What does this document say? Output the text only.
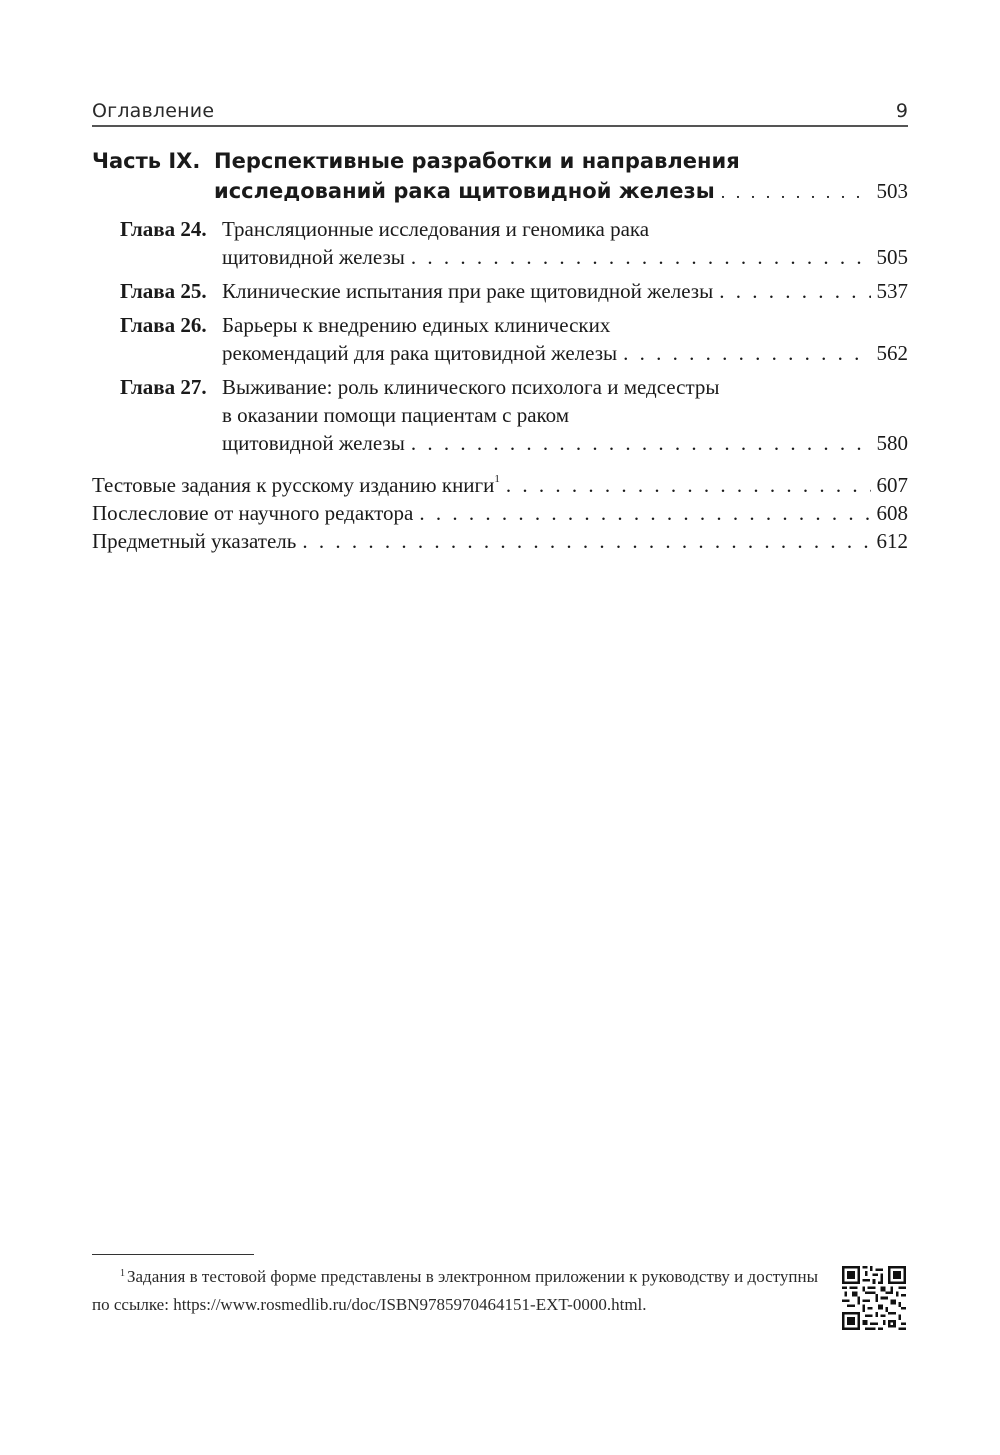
Оглавление	9
Часть IX. Перспективные разработки и направления
исследований рака щитовидной железы . . .	503
Глава 24. Трансляционные исследования и геномика рака
щитовидной железы . . .	505
Глава 25. Клинические испытания при раке щитовидной железы . . .	537
Глава 26. Барьеры к внедрению единых клинических
рекомендаций для рака щитовидной железы . . .	562
Глава 27. Выживание: роль клинического психолога и медсестры
в оказании помощи пациентам с раком
щитовидной железы . . .	580
Тестовые задания к русскому изданию книги$^1$ . . .	607
Послесловие от научного редактора . . .	608
Предметный указатель . . .	612
$^1$ Задания в тестовой форме представлены в электронном приложении к руководству и доступны по ссылке: https://www.rosmedlib.ru/doc/ISBN9785970464151-EXT-0000.html.
